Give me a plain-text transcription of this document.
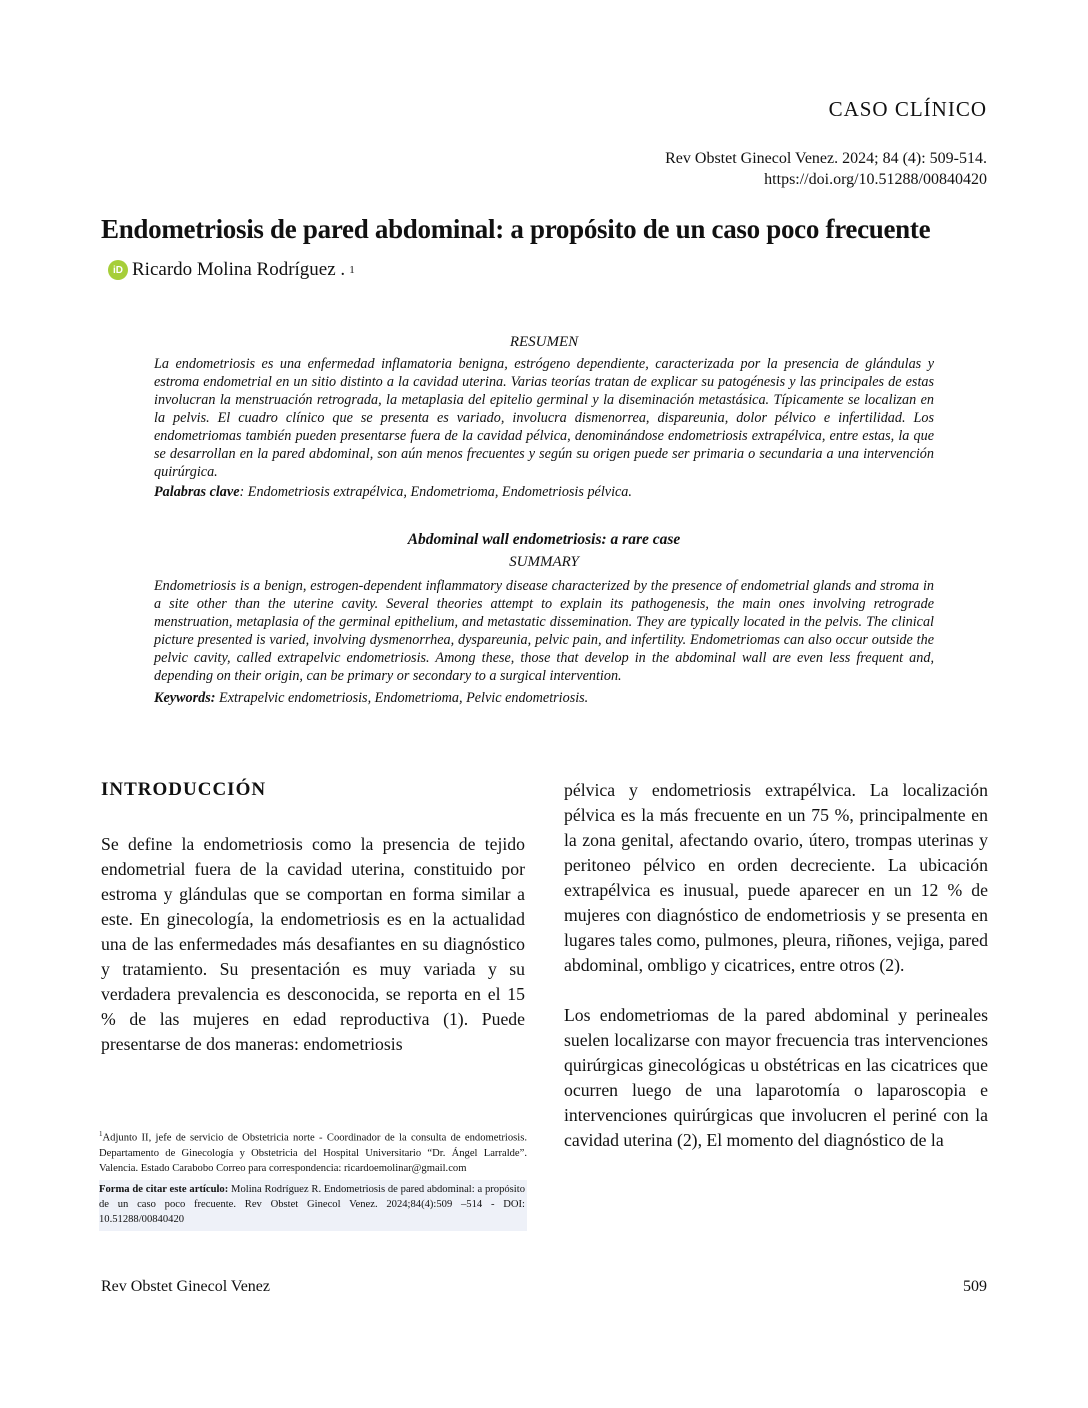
CASO CLÍNICO
Rev Obstet Ginecol Venez. 2024; 84 (4): 509-514.
https://doi.org/10.51288/00840420
Endometriosis de pared abdominal: a propósito de un caso poco frecuente
iD Ricardo Molina Rodríguez . 1

RESUMEN

La endometriosis es una enfermedad inflamatoria benigna, estrógeno dependiente, caracterizada por la presencia de glándulas y estroma endometrial en un sitio distinto a la cavidad uterina. Varias teorías tratan de explicar su patogénesis y las principales de estas involucran la menstruación retrograda, la metaplasia del epitelio germinal y la diseminación metastásica. Típicamente se localizan en la pelvis. El cuadro clínico que se presenta es variado, involucra dismenorrea, dispareunia, dolor pélvico e infertilidad. Los endometriomas también pueden presentarse fuera de la cavidad pélvica, denominándose endometriosis extrapélvica, entre estas, la que se desarrollan en la pared abdominal, son aún menos frecuentes y según su origen puede ser primaria o secundaria a una intervención quirúrgica.

Palabras clave: Endometriosis extrapélvica, Endometrioma, Endometriosis pélvica.

Abdominal wall endometriosis: a rare case

SUMMARY

Endometriosis is a benign, estrogen-dependent inflammatory disease characterized by the presence of endometrial glands and stroma in a site other than the uterine cavity. Several theories attempt to explain its pathogenesis, the main ones involving retrograde menstruation, metaplasia of the germinal epithelium, and metastatic dissemination. They are typically located in the pelvis. The clinical picture presented is varied, involving dysmenorrhea, dyspareunia, pelvic pain, and infertility. Endometriomas can also occur outside the pelvic cavity, called extrapelvic endometriosis. Among these, those that develop in the abdominal wall are even less frequent and, depending on their origin, can be primary or secondary to a surgical intervention.

Keywords: Extrapelvic endometriosis, Endometrioma, Pelvic endometriosis.

INTRODUCCIÓN

Se define la endometriosis como la presencia de tejido endometrial fuera de la cavidad uterina, constituido por estroma y glándulas que se comportan en forma similar a este. En ginecología, la endometriosis es en la actualidad una de las enfermedades más desafiantes en su diagnóstico y tratamiento. Su presentación es muy variada y su verdadera prevalencia es desconocida, se reporta en el 15 % de las mujeres en edad reproductiva (1). Puede presentarse de dos maneras: endometriosis

pélvica y endometriosis extrapélvica. La localización pélvica es la más frecuente en un 75 %, principalmente en la zona genital, afectando ovario, útero, trompas uterinas y peritoneo pélvico en orden decreciente. La ubicación extrapélvica es inusual, puede aparecer en un 12 % de mujeres con diagnóstico de endometriosis y se presenta en lugares tales como, pulmones, pleura, riñones, vejiga, pared abdominal, ombligo y cicatrices, entre otros (2).

Los endometriomas de la pared abdominal y perineales suelen localizarse con mayor frecuencia tras intervenciones quirúrgicas ginecológicas u obstétricas en las cicatrices que ocurren luego de una laparotomía o laparoscopia e intervenciones quirúrgicas que involucren el periné con la cavidad uterina (2), El momento del diagnóstico de la

$^1$Adjunto II, jefe de servicio de Obstetricia norte - Coordinador de la consulta de endometriosis. Departamento de Ginecología y Obstetricia del Hospital Universitario “Dr. Ángel Larralde”. Valencia. Estado Carabobo Correo para correspondencia: ricardoemolinar@gmail.com

Forma de citar este artículo: Molina Rodríguez R. Endometriosis de pared abdominal: a propósito de un caso poco frecuente. Rev Obstet Ginecol Venez. 2024;84(4):509 –514 - DOI: 10.51288/00840420

Rev Obstet Ginecol Venez	509
